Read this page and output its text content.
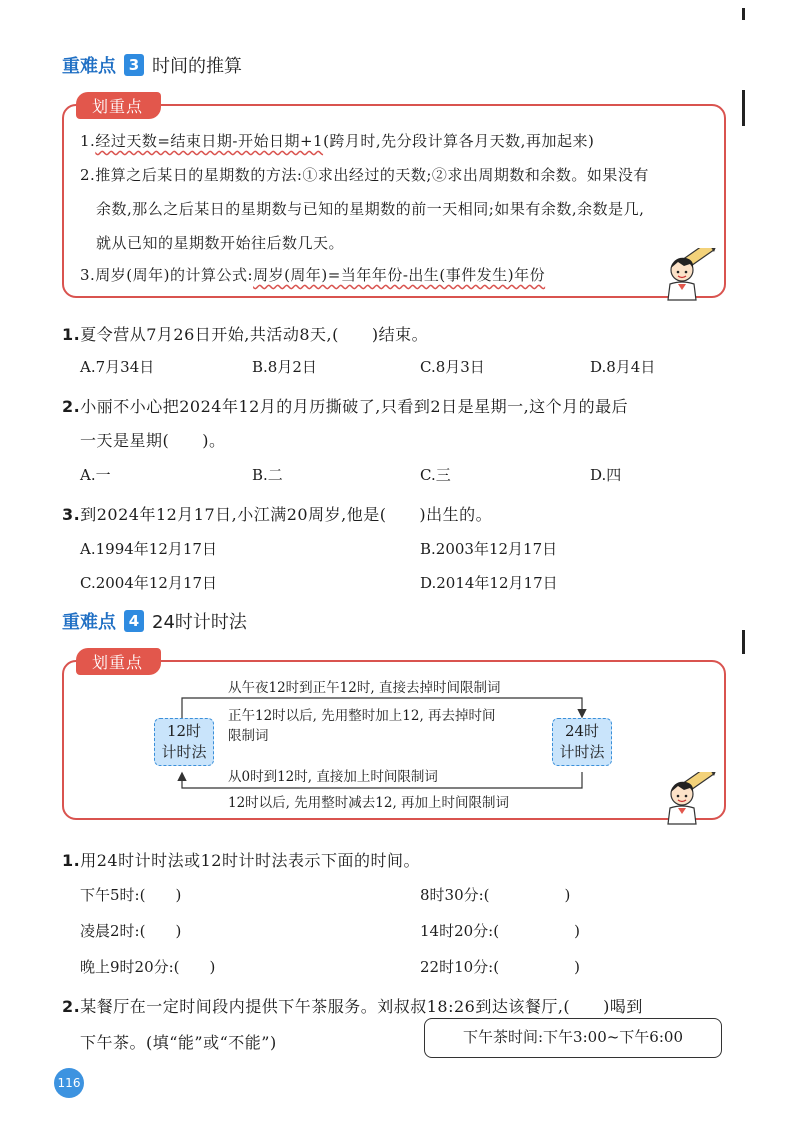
重难点 3 时间的推算
划重点
1.经过天数=结束日期-开始日期+1(跨月时,先分段计算各月天数,再加起来)
2.推算之后某日的星期数的方法:①求出经过的天数;②求出周期数和余数。如果没有
余数,那么之后某日的星期数与已知的星期数的前一天相同;如果有余数,余数是几,
就从已知的星期数开始往后数几天。
3.周岁(周年)的计算公式:周岁(周年)=当年年份-出生(事件发生)年份
1.夏令营从7月26日开始,共活动8天,(　　)结束。
A.7月34日	B.8月2日	C.8月3日	D.8月4日
2.小丽不小心把2024年12月的月历撕破了,只看到2日是星期一,这个月的最后
一天是星期(　　)。
A.一	B.二	C.三	D.四
3.到2024年12月17日,小江满20周岁,他是(　　)出生的。
A.1994年12月17日	B.2003年12月17日
C.2004年12月17日	D.2014年12月17日
重难点 4 24时计时法
划重点
12时
计时法
24时
计时法
从午夜12时到正午12时, 直接去掉时间限制词
正午12时以后, 先用整时加上12, 再去掉时间
限制词
从0时到12时, 直接加上时间限制词
12时以后, 先用整时减去12, 再加上时间限制词
1.用24时计时法或12时计时法表示下面的时间。
下午5时:(　　)	8时30分:(　　　　　)
凌晨2时:(　　)	14时20分:(　　　　　)
晚上9时20分:(　　)	22时10分:(　　　　　)
2.某餐厅在一定时间段内提供下午茶服务。刘叔叔18:26到达该餐厅,(　　)喝到
下午茶。(填“能”或“不能”)	下午茶时间:下午3:00~下午6:00
116
